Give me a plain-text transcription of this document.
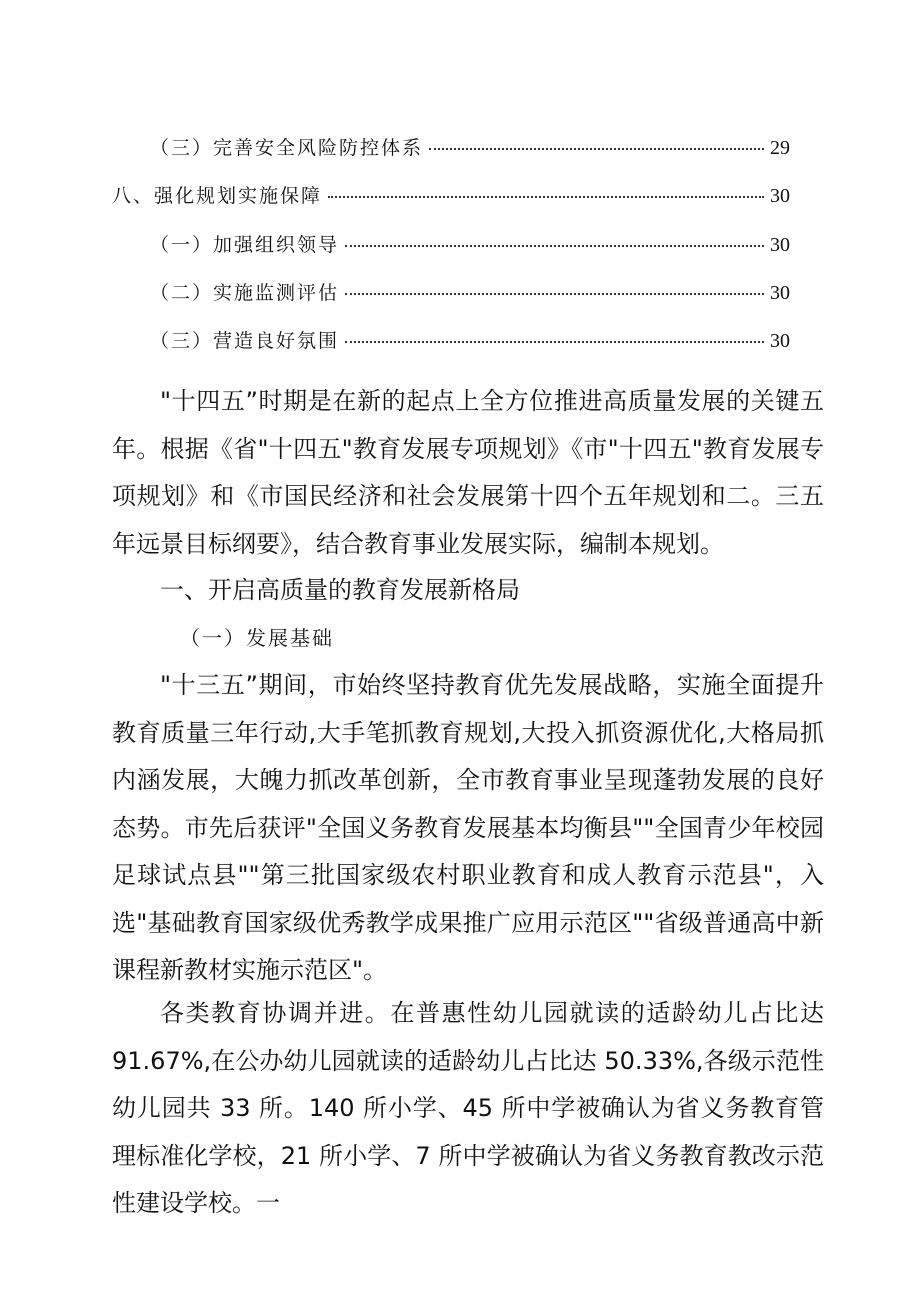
（三）完善安全风险防控体系	29
八、强化规划实施保障	30
（一）加强组织领导	30
（二）实施监测评估	30
（三）营造良好氛围	30

"十四五”时期是在新的起点上全方位推进高质量发展的关键五年。根据《省"十四五"教育发展专项规划》《市"十四五"教育发展专项规划》和《市国民经济和社会发展第十四个五年规划和二。三五年远景目标纲要》，结合教育事业发展实际，编制本规划。

一、开启高质量的教育发展新格局
（一）发展基础

"十三五”期间，市始终坚持教育优先发展战略，实施全面提升教育质量三年行动,大手笔抓教育规划,大投入抓资源优化,大格局抓内涵发展，大魄力抓改革创新，全市教育事业呈现蓬勃发展的良好态势。市先后获评"全国义务教育发展基本均衡县""全国青少年校园足球试点县""第三批国家级农村职业教育和成人教育示范县"，入选"基础教育国家级优秀教学成果推广应用示范区""省级普通高中新课程新教材实施示范区"。

各类教育协调并进。在普惠性幼儿园就读的适龄幼儿占比达91.67%,在公办幼儿园就读的适龄幼儿占比达 50.33%,各级示范性幼儿园共 33 所。140 所小学、45 所中学被确认为省义务教育管理标准化学校，21 所小学、7 所中学被确认为省义务教育教改示范性建设学校。一
